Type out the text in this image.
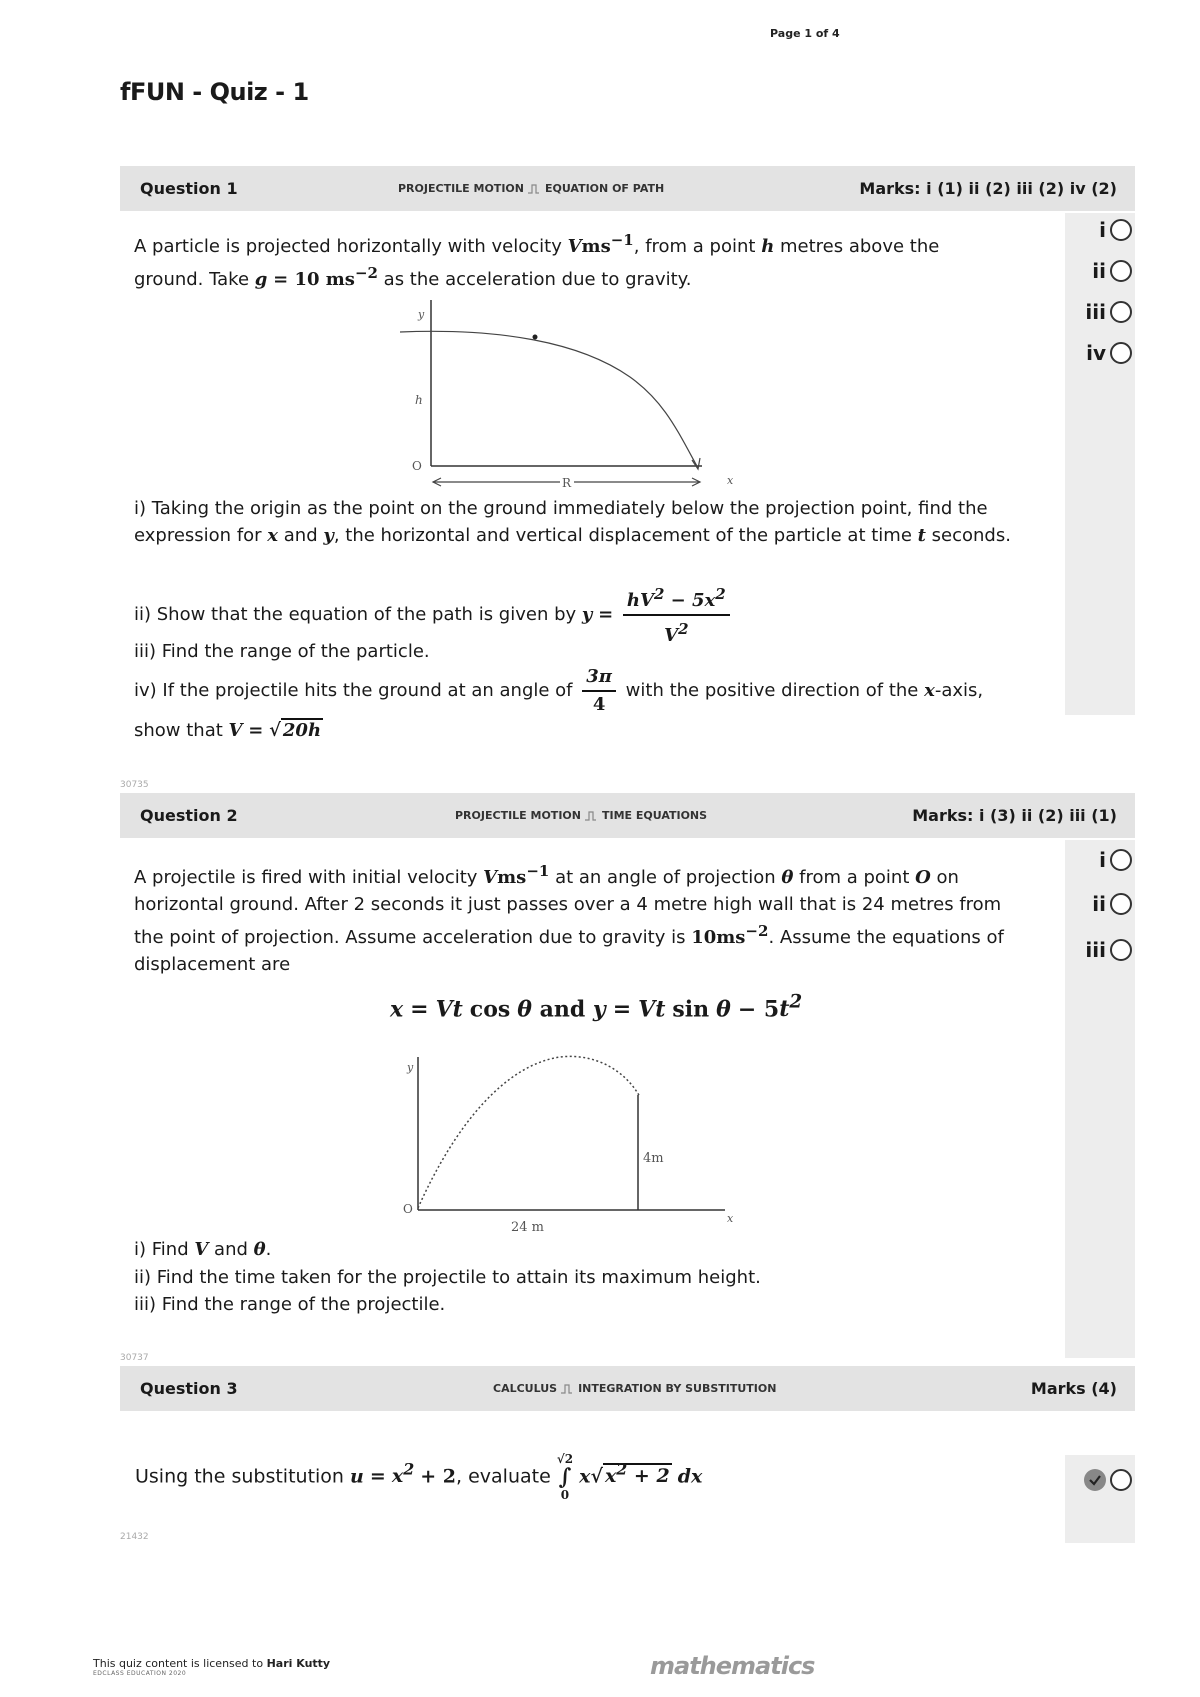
Page 1 of 4
fFUN - Quiz - 1
Question 1	PROJECTILE MOTION EQUATION OF PATH	Marks: i (1) ii (2) iii (2) iv (2)
i
ii
iii
iv
A particle is projected horizontally with velocity Vms$^{-1}$, from a point h metres above the ground. Take g = 10 $ms^{-2}$ as the acceleration due to gravity.
y
h
O
R	x
i) Taking the origin as the point on the ground immediately below the projection point, find the expression for x and y, the horizontal and vertical displacement of the particle at time t seconds.
ii) Show that the equation of the path is given by $y = \frac{hV^2 - 5x^2}{V^2}$
iii) Find the range of the particle.
iv) If the projectile hits the ground at an angle of $\frac{3\pi}{4}$ with the positive direction of the x-axis,
show that V = √ 20h
30735
Question 2	PROJECTILE MOTION TIME EQUATIONS	Marks: i (3) ii (2) iii (1)
i
ii
iii
A projectile is fired with initial velocity Vms$^{-1}$ at an angle of projection θ from a point O on horizontal ground. After 2 seconds it just passes over a 4 metre high wall that is 24 metres from the point of projection. Assume acceleration due to gravity is $10ms^{-2}$. Assume the equations of displacement are
x = Vt cos θ and y = Vt $\sin \theta - 5t^2$
y
O
4m
24 m
x
i) Find V and θ.
ii) Find the time taken for the projectile to attain its maximum height.
iii) Find the range of the projectile.
30737
Question 3	CALCULUS INTEGRATION BY SUBSTITUTION	Marks (4)
Using the substitution $u = x^2 + 2$, evaluate
√2
∫
0
x√ $x^2 + 2$ dx
21432
This quiz content is licensed to Hari Kutty
EDCLASS EDUCATION 2020	mathematics
